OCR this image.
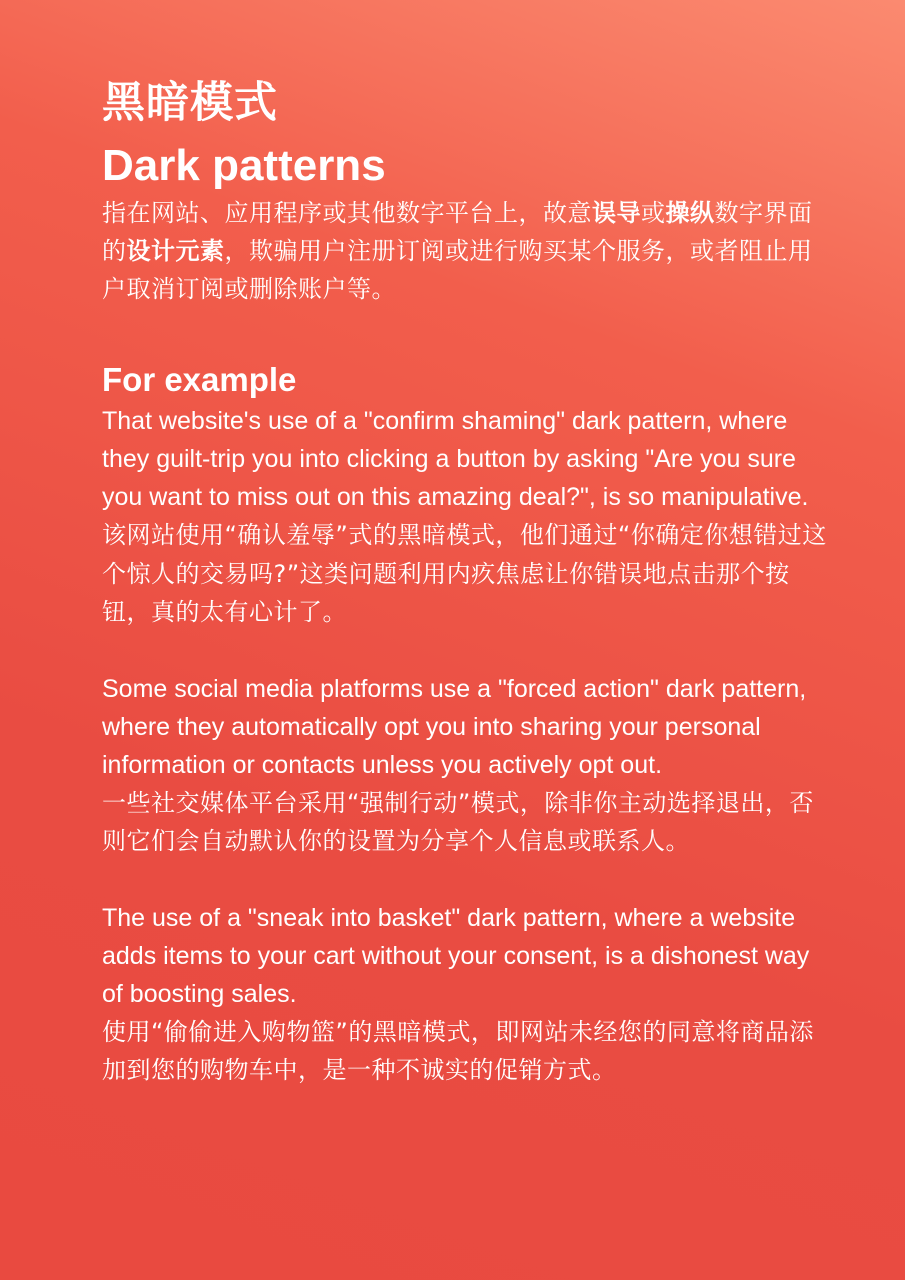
黑暗模式
Dark patterns

指在网站、应用程序或其他数字平台上，故意误导或操纵数字界面的设计元素，欺骗用户注册订阅或进行购买某个服务，或者阻止用户取消订阅或删除账户等。

For example

That website's use of a "confirm shaming" dark pattern, where they guilt-trip you into clicking a button by asking "Are you sure you want to miss out on this amazing deal?", is so manipulative.

该网站使用“确认羞辱”式的黑暗模式，他们通过“你确定你想错过这个惊人的交易吗?”这类问题利用内疚焦虑让你错误地点击那个按钮，真的太有心计了。

Some social media platforms use a "forced action" dark pattern, where they automatically opt you into sharing your personal information or contacts unless you actively opt out.

一些社交媒体平台采用“强制行动”模式，除非你主动选择退出，否则它们会自动默认你的设置为分享个人信息或联系人。

The use of a "sneak into basket" dark pattern, where a website adds items to your cart without your consent, is a dishonest way of boosting sales.

使用“偷偷进入购物篮”的黑暗模式，即网站未经您的同意将商品添加到您的购物车中，是一种不诚实的促销方式。
